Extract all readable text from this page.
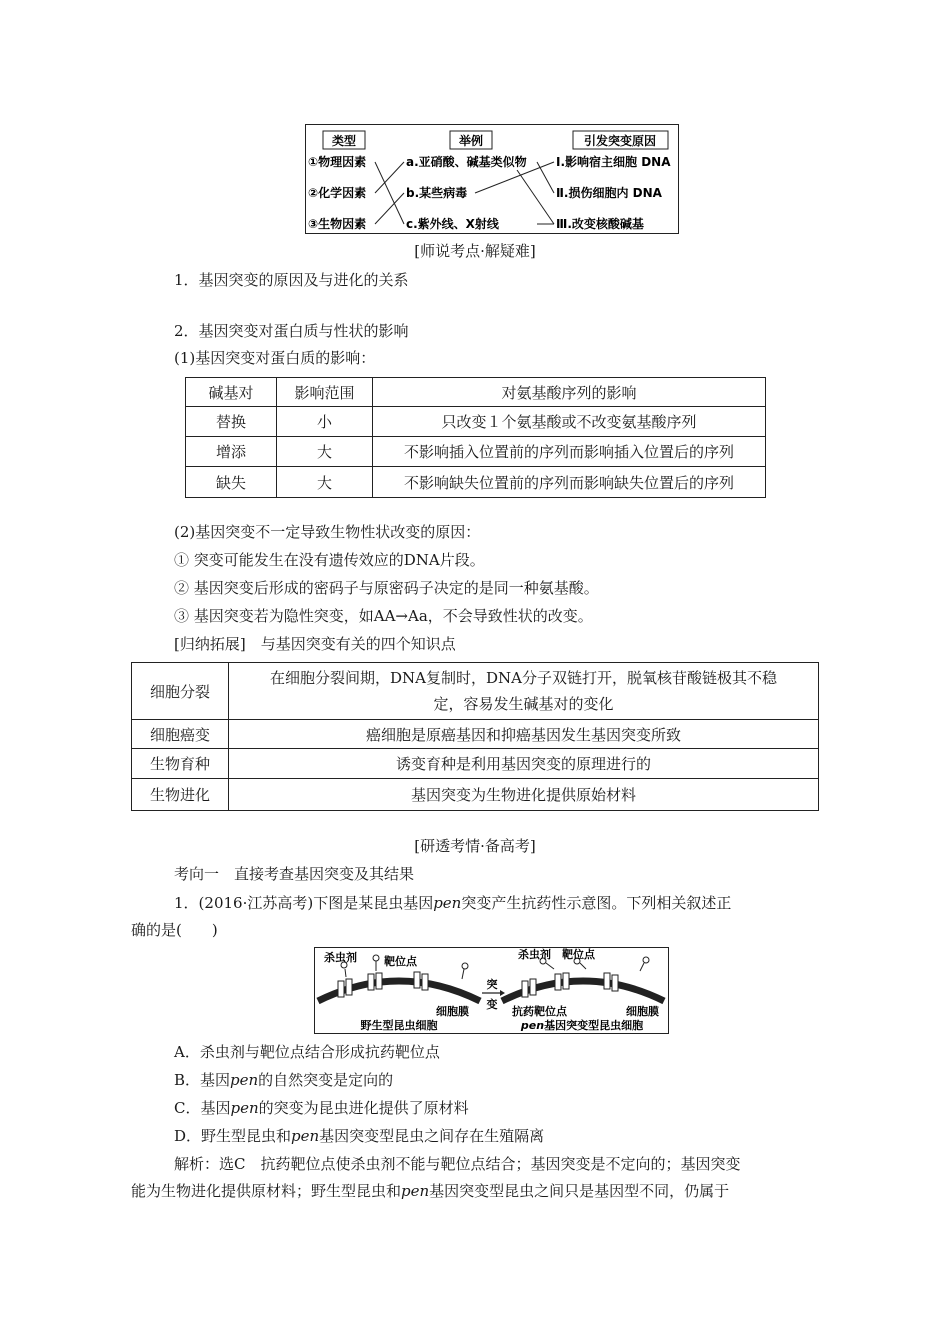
类型	举例	引发突变原因
①物理因素
②化学因素
③生物因素
a.亚硝酸、碱基类似物
b.某些病毒
c.紫外线、X射线
Ⅰ.影响宿主细胞 DNA
Ⅱ.损伤细胞内 DNA
Ⅲ.改变核酸碱基
[师说考点·解疑难]
1．基因突变的原因及与进化的关系
2．基因突变对蛋白质与性状的影响
(1)基因突变对蛋白质的影响：
碱基对	影响范围	对氨基酸序列的影响
替换	小	只改变１个氨基酸或不改变氨基酸序列
增添	大	不影响插入位置前的序列而影响插入位置后的序列
缺失	大	不影响缺失位置前的序列而影响缺失位置后的序列
(2)基因突变不一定导致生物性状改变的原因：
① 突变可能发生在没有遗传效应的DNA片段。
② 基因突变后形成的密码子与原密码子决定的是同一种氨基酸。
③ 基因突变若为隐性突变，如AA→Aa，不会导致性状的改变。
[归纳拓展]　与基因突变有关的四个知识点
细胞分裂	在细胞分裂间期，DNA复制时，DNA分子双链打开，脱氧核苷酸链极其不稳
定，容易发生碱基对的变化

细胞癌变	癌细胞是原癌基因和抑癌基因发生基因突变所致
生物育种	诱变育种是利用基因突变的原理进行的
生物进化	基因突变为生物进化提供原始材料
[研透考情·备高考]
考向一　直接考查基因突变及其结果
1．(2016·江苏高考)下图是某昆虫基因pen突变产生抗药性示意图。下列相关叙述正
确的是(　　)
杀虫剂 靶位点
细胞膜
野生型昆虫细胞
突
变
杀虫剂 靶位点
抗药靶位点	细胞膜
pen基因突变型昆虫细胞
A．杀虫剂与靶位点结合形成抗药靶位点
B．基因pen的自然突变是定向的
C．基因pen的突变为昆虫进化提供了原材料
D．野生型昆虫和pen基因突变型昆虫之间存在生殖隔离
解析：选C　抗药靶位点使杀虫剂不能与靶位点结合；基因突变是不定向的；基因突变
能为生物进化提供原材料；野生型昆虫和pen基因突变型昆虫之间只是基因型不同，仍属于
